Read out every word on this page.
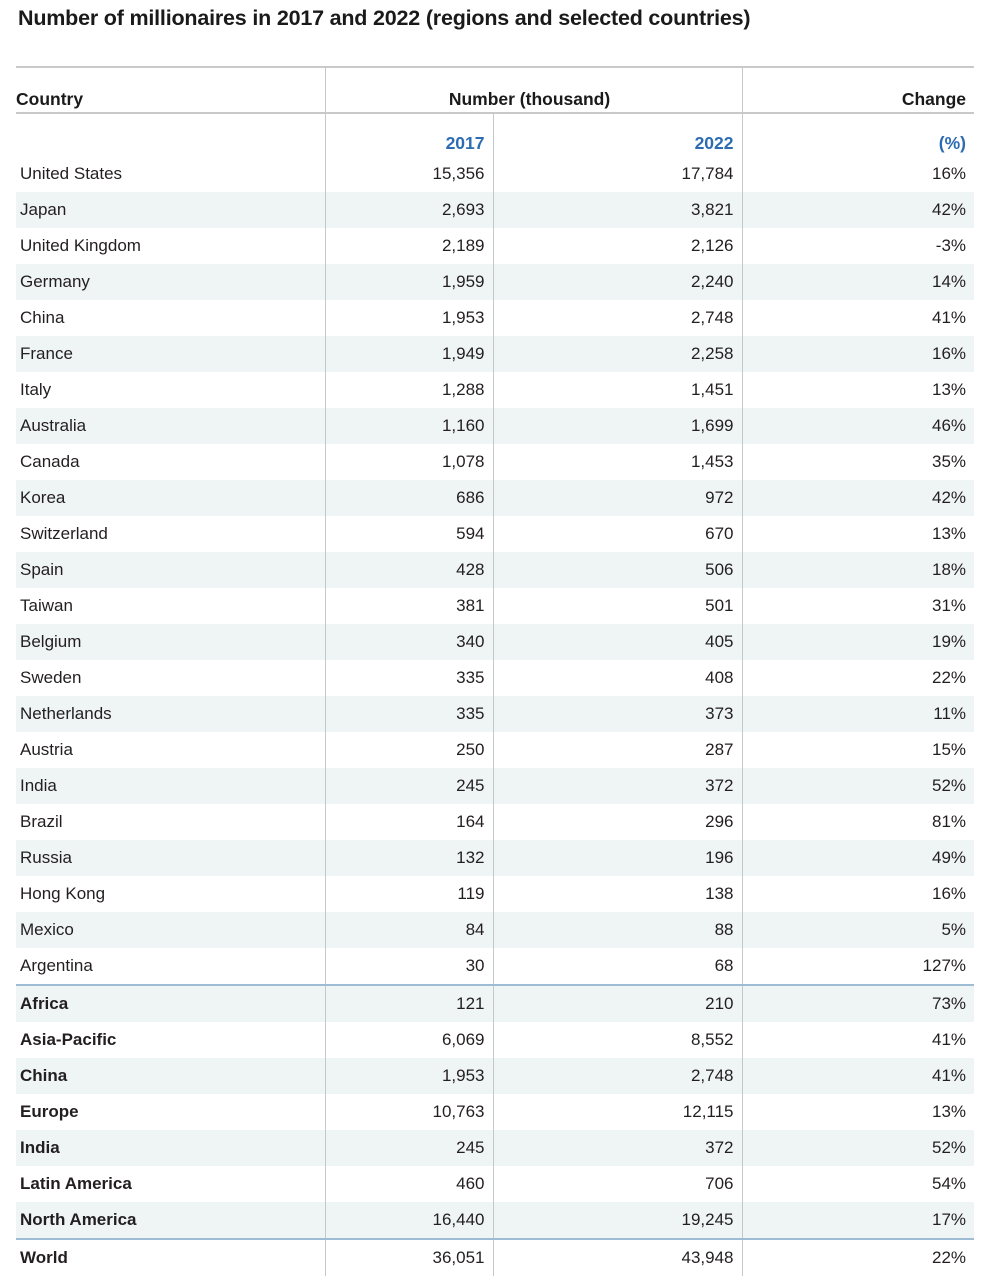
Number of millionaires in 2017 and 2022 (regions and selected countries)
Country	Number (thousand)		Change
	2017	2022	(%)
United States	15,356	17,784	16%
Japan	2,693	3,821	42%
United Kingdom	2,189	2,126	-3%
Germany	1,959	2,240	14%
China	1,953	2,748	41%
France	1,949	2,258	16%
Italy	1,288	1,451	13%
Australia	1,160	1,699	46%
Canada	1,078	1,453	35%
Korea	686	972	42%
Switzerland	594	670	13%
Spain	428	506	18%
Taiwan	381	501	31%
Belgium	340	405	19%
Sweden	335	408	22%
Netherlands	335	373	11%
Austria	250	287	15%
India	245	372	52%
Brazil	164	296	81%
Russia	132	196	49%
Hong Kong	119	138	16%
Mexico	84	88	5%
Argentina	30	68	127%
Africa	121	210	73%
Asia-Pacific	6,069	8,552	41%
China	1,953	2,748	41%
Europe	10,763	12,115	13%
India	245	372	52%
Latin America	460	706	54%
North America	16,440	19,245	17%
World	36,051	43,948	22%
